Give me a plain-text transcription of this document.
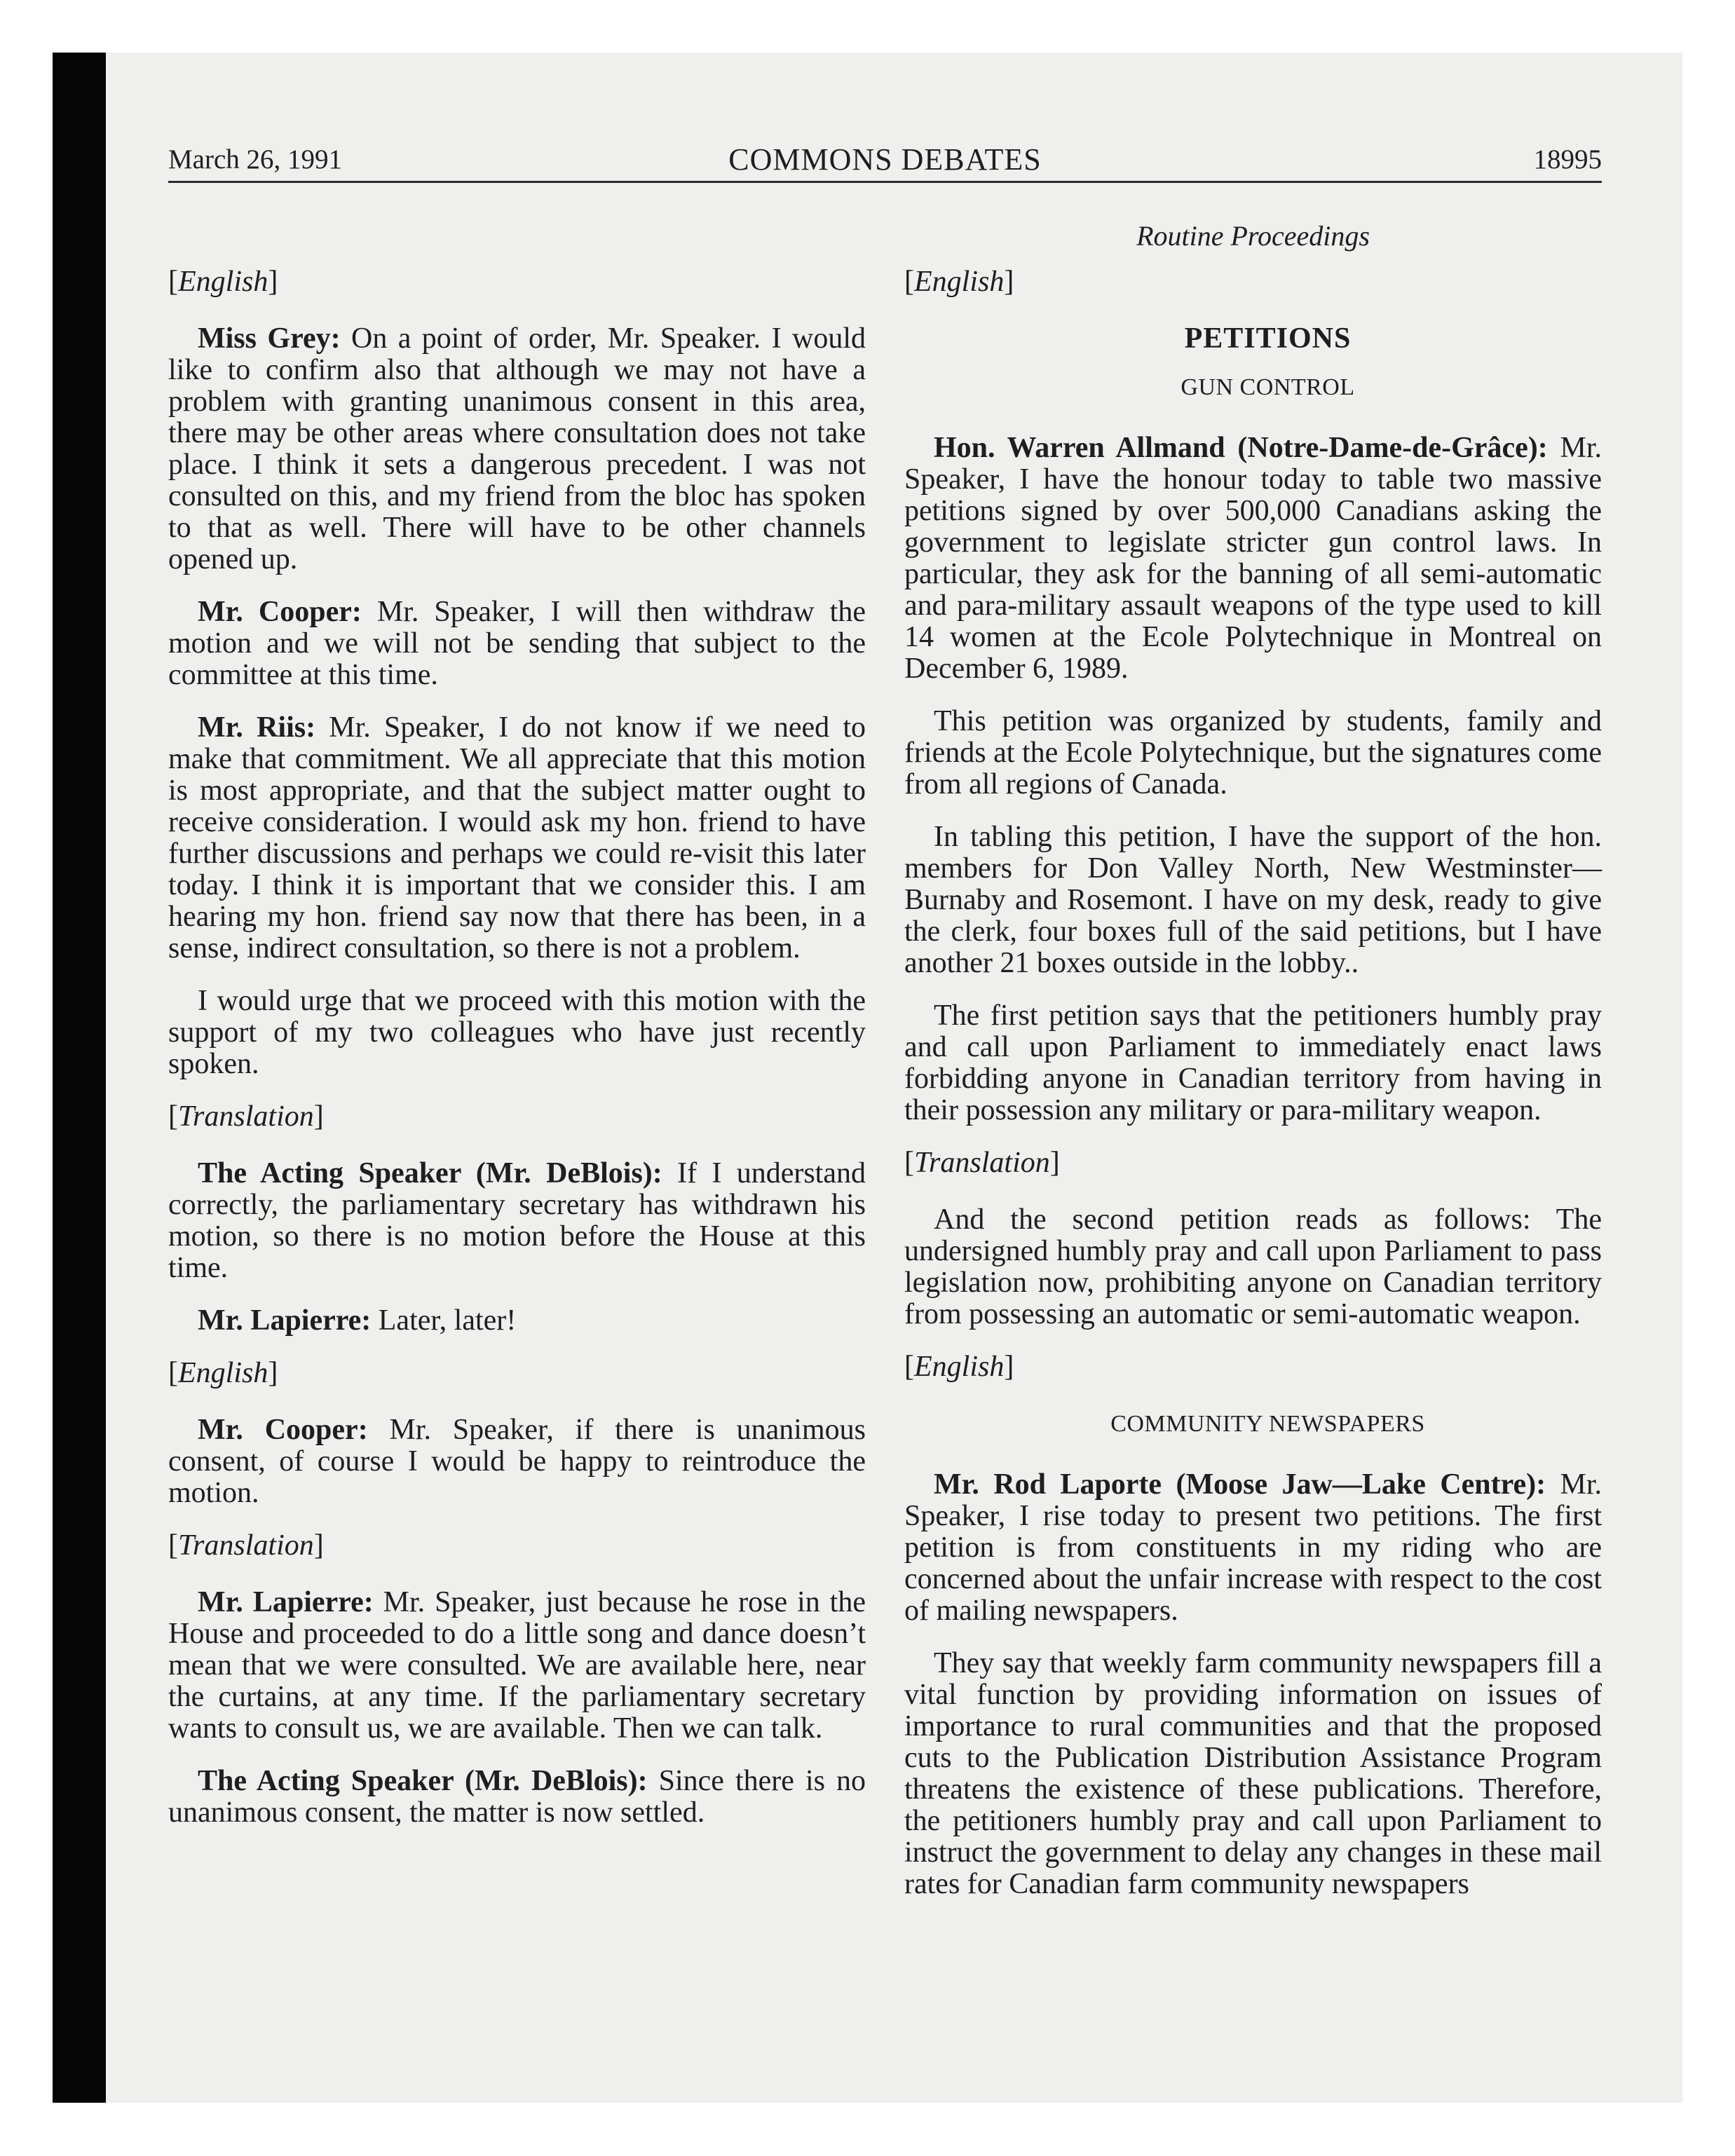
March 26, 1991	COMMONS DEBATES	18995
Routine Proceedings

[English]

Miss Grey: On a point of order, Mr. Speaker. I would like to confirm also that although we may not have a problem with granting unanimous consent in this area, there may be other areas where consultation does not take place. I think it sets a dangerous precedent. I was not consulted on this, and my friend from the bloc has spoken to that as well. There will have to be other channels opened up.

Mr. Cooper: Mr. Speaker, I will then withdraw the motion and we will not be sending that subject to the committee at this time.

Mr. Riis: Mr. Speaker, I do not know if we need to make that commitment. We all appreciate that this motion is most appropriate, and that the subject matter ought to receive consideration. I would ask my hon. friend to have further discussions and perhaps we could re-visit this later today. I think it is important that we consider this. I am hearing my hon. friend say now that there has been, in a sense, indirect consultation, so there is not a problem.

I would urge that we proceed with this motion with the support of my two colleagues who have just recently spoken.

[Translation]

The Acting Speaker (Mr. DeBlois): If I understand correctly, the parliamentary secretary has withdrawn his motion, so there is no motion before the House at this time.

Mr. Lapierre: Later, later!

[English]

Mr. Cooper: Mr. Speaker, if there is unanimous consent, of course I would be happy to reintroduce the motion.

[Translation]

Mr. Lapierre: Mr. Speaker, just because he rose in the House and proceeded to do a little song and dance doesn’t mean that we were consulted. We are available here, near the curtains, at any time. If the parliamentary secretary wants to consult us, we are available. Then we can talk.

The Acting Speaker (Mr. DeBlois): Since there is no unanimous consent, the matter is now settled.

[English]

PETITIONS

GUN CONTROL

Hon. Warren Allmand (Notre-Dame-de-Grâce): Mr. Speaker, I have the honour today to table two massive petitions signed by over 500,000 Canadians asking the government to legislate stricter gun control laws. In particular, they ask for the banning of all semi-automatic and para-military assault weapons of the type used to kill 14 women at the Ecole Polytechnique in Montreal on December 6, 1989.

This petition was organized by students, family and friends at the Ecole Polytechnique, but the signatures come from all regions of Canada.

In tabling this petition, I have the support of the hon. members for Don Valley North, New Westminster—Burnaby and Rosemont. I have on my desk, ready to give the clerk, four boxes full of the said petitions, but I have another 21 boxes outside in the lobby..

The first petition says that the petitioners humbly pray and call upon Parliament to immediately enact laws forbidding anyone in Canadian territory from having in their possession any military or para-military weapon.

[Translation]

And the second petition reads as follows: The undersigned humbly pray and call upon Parliament to pass legislation now, prohibiting anyone on Canadian territory from possessing an automatic or semi-automatic weapon.

[English]

COMMUNITY NEWSPAPERS

Mr. Rod Laporte (Moose Jaw—Lake Centre): Mr. Speaker, I rise today to present two petitions. The first petition is from constituents in my riding who are concerned about the unfair increase with respect to the cost of mailing newspapers.

They say that weekly farm community newspapers fill a vital function by providing information on issues of importance to rural communities and that the proposed cuts to the Publication Distribution Assistance Program threatens the existence of these publications. Therefore, the petitioners humbly pray and call upon Parliament to instruct the government to delay any changes in these mail rates for Canadian farm community newspapers
